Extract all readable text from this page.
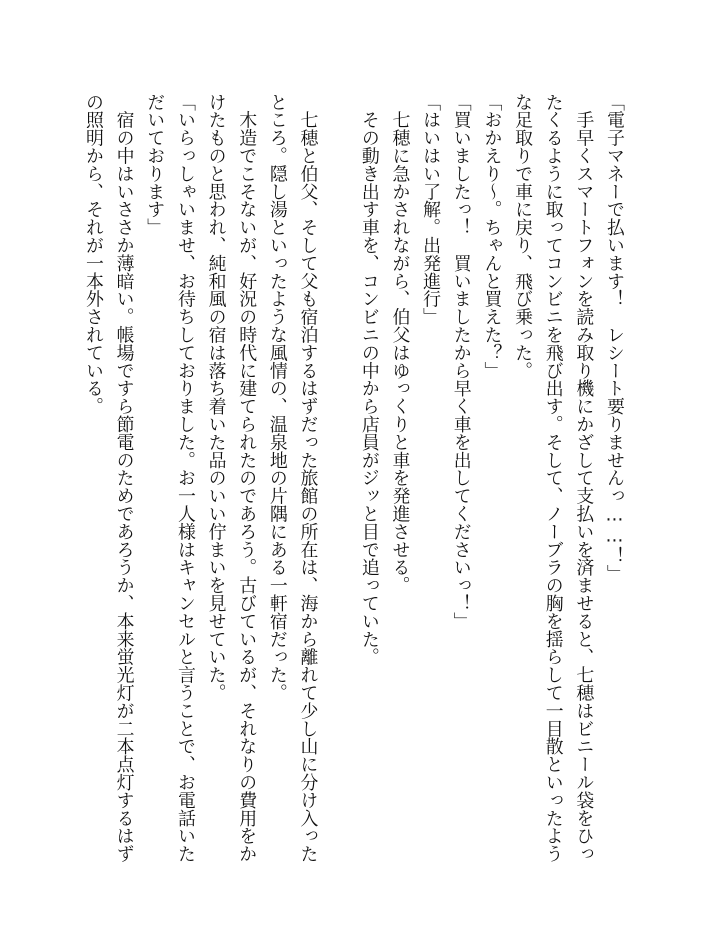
「電子マネーで払います！　レシート要りませんっ……！」
　手早くスマートフォンを読み取り機にかざして支払いを済ませると、七穂はビニール袋をひっ
たくるように取ってコンビニを飛び出す。そして、ノーブラの胸を揺らして一目散といったよう
な足取りで車に戻り、飛び乗った。
「おかえり〜。ちゃんと買えた？」
「買いましたっ！　買いましたから早く車を出してくださいっ！」
「はいはい了解。出発進行」
　七穂に急かされながら、伯父はゆっくりと車を発進させる。
　その動き出す車を、コンビニの中から店員がジッと目で追っていた。
　七穂と伯父、そして父も宿泊するはずだった旅館の所在は、海から離れて少し山に分け入った
ところ。隠し湯といったような風情の、温泉地の片隅にある一軒宿だった。
　木造でこそないが、好況の時代に建てられたのであろう。古びているが、それなりの費用をか
けたものと思われ、純和風の宿は落ち着いた品のいい佇まいを見せていた。
「いらっしゃいませ、お待ちしておりました。お一人様はキャンセルと言うことで、お電話いた
だいております」
　宿の中はいささか薄暗い。帳場ですら節電のためであろうか、本来蛍光灯が二本点灯するはず
の照明から、それが一本外されている。
